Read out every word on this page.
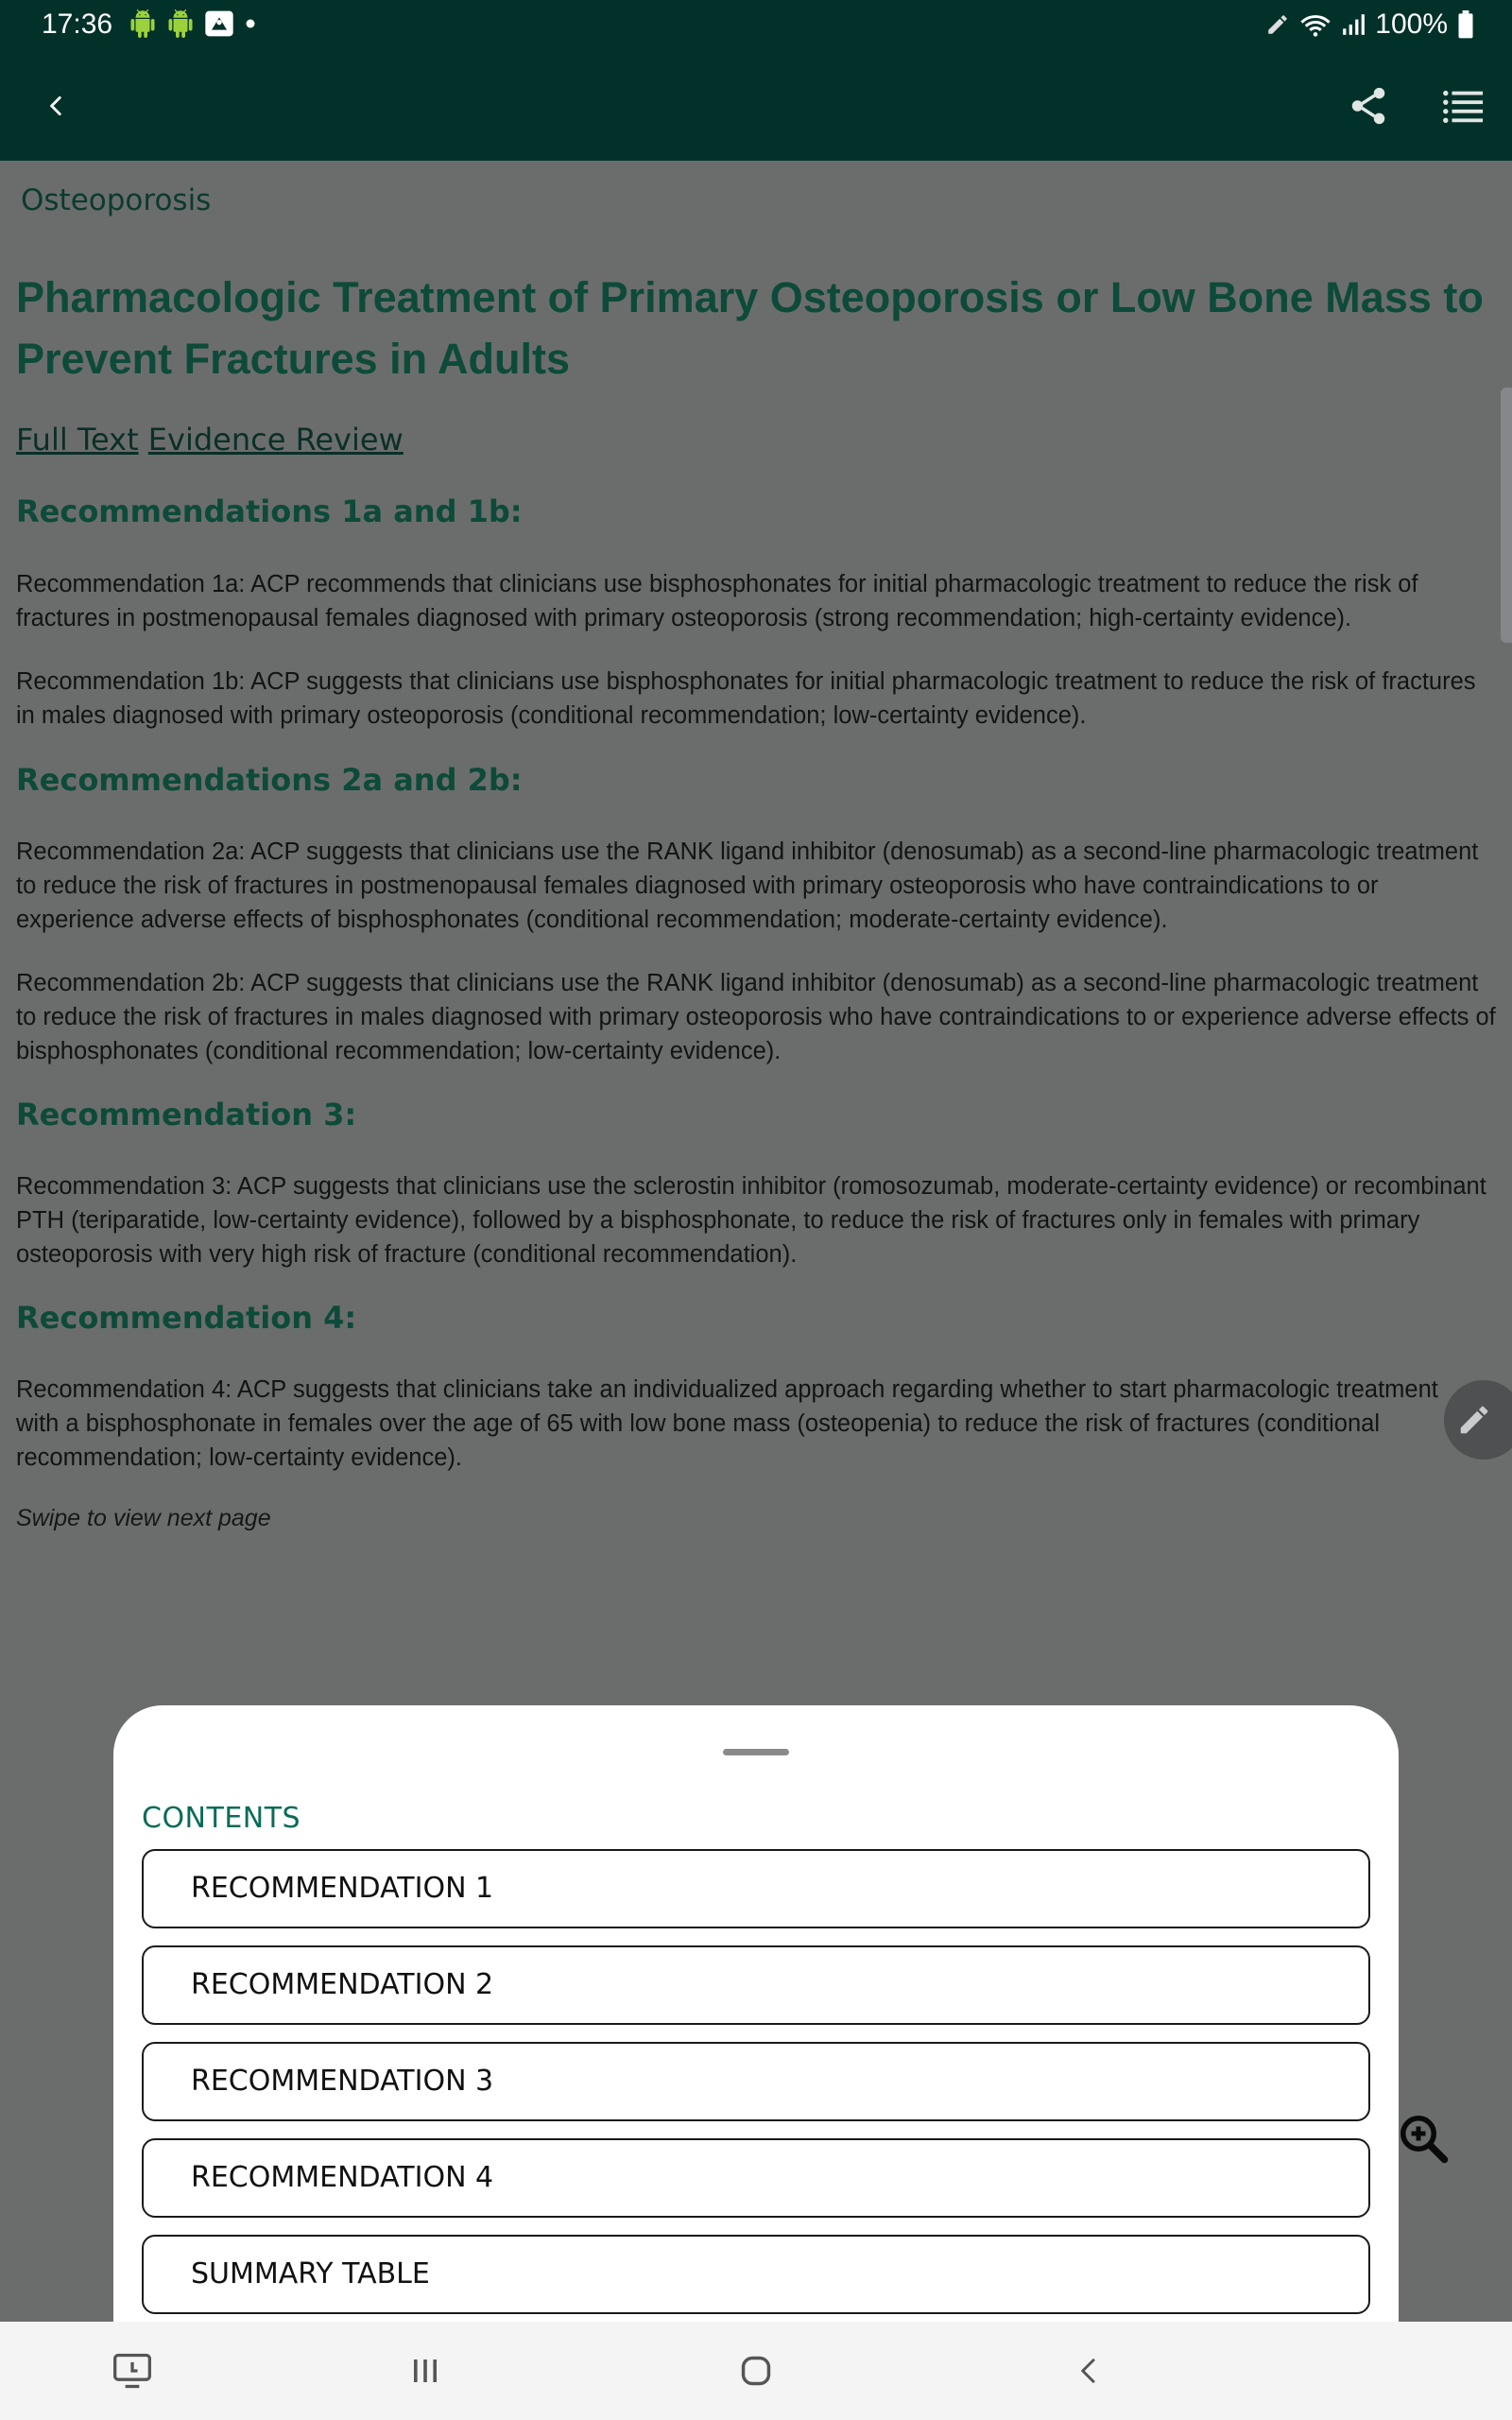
17:36	100%
Osteoporosis
Pharmacologic Treatment of Primary Osteoporosis or Low Bone Mass to Prevent Fractures in Adults
Full Text Evidence Review
Recommendations 1a and 1b:
Recommendation 1a: ACP recommends that clinicians use bisphosphonates for initial pharmacologic treatment to reduce the risk of fractures in postmenopausal females diagnosed with primary osteoporosis (strong recommendation; high-certainty evidence).
Recommendation 1b: ACP suggests that clinicians use bisphosphonates for initial pharmacologic treatment to reduce the risk of fractures in males diagnosed with primary osteoporosis (conditional recommendation; low-certainty evidence).
Recommendations 2a and 2b:
Recommendation 2a: ACP suggests that clinicians use the RANK ligand inhibitor (denosumab) as a second-line pharmacologic treatment to reduce the risk of fractures in postmenopausal females diagnosed with primary osteoporosis who have contraindications to or experience adverse effects of bisphosphonates (conditional recommendation; moderate-certainty evidence).
Recommendation 2b: ACP suggests that clinicians use the RANK ligand inhibitor (denosumab) as a second-line pharmacologic treatment to reduce the risk of fractures in males diagnosed with primary osteoporosis who have contraindications to or experience adverse effects of bisphosphonates (conditional recommendation; low-certainty evidence).
Recommendation 3:
Recommendation 3: ACP suggests that clinicians use the sclerostin inhibitor (romosozumab, moderate-certainty evidence) or recombinant PTH (teriparatide, low-certainty evidence), followed by a bisphosphonate, to reduce the risk of fractures only in females with primary osteoporosis with very high risk of fracture (conditional recommendation).
Recommendation 4:
Recommendation 4: ACP suggests that clinicians take an individualized approach regarding whether to start pharmacologic treatment with a bisphosphonate in females over the age of 65 with low bone mass (osteopenia) to reduce the risk of fractures (conditional recommendation; low-certainty evidence).
Swipe to view next page
CONTENTS
RECOMMENDATION 1
RECOMMENDATION 2
RECOMMENDATION 3
RECOMMENDATION 4
SUMMARY TABLE
